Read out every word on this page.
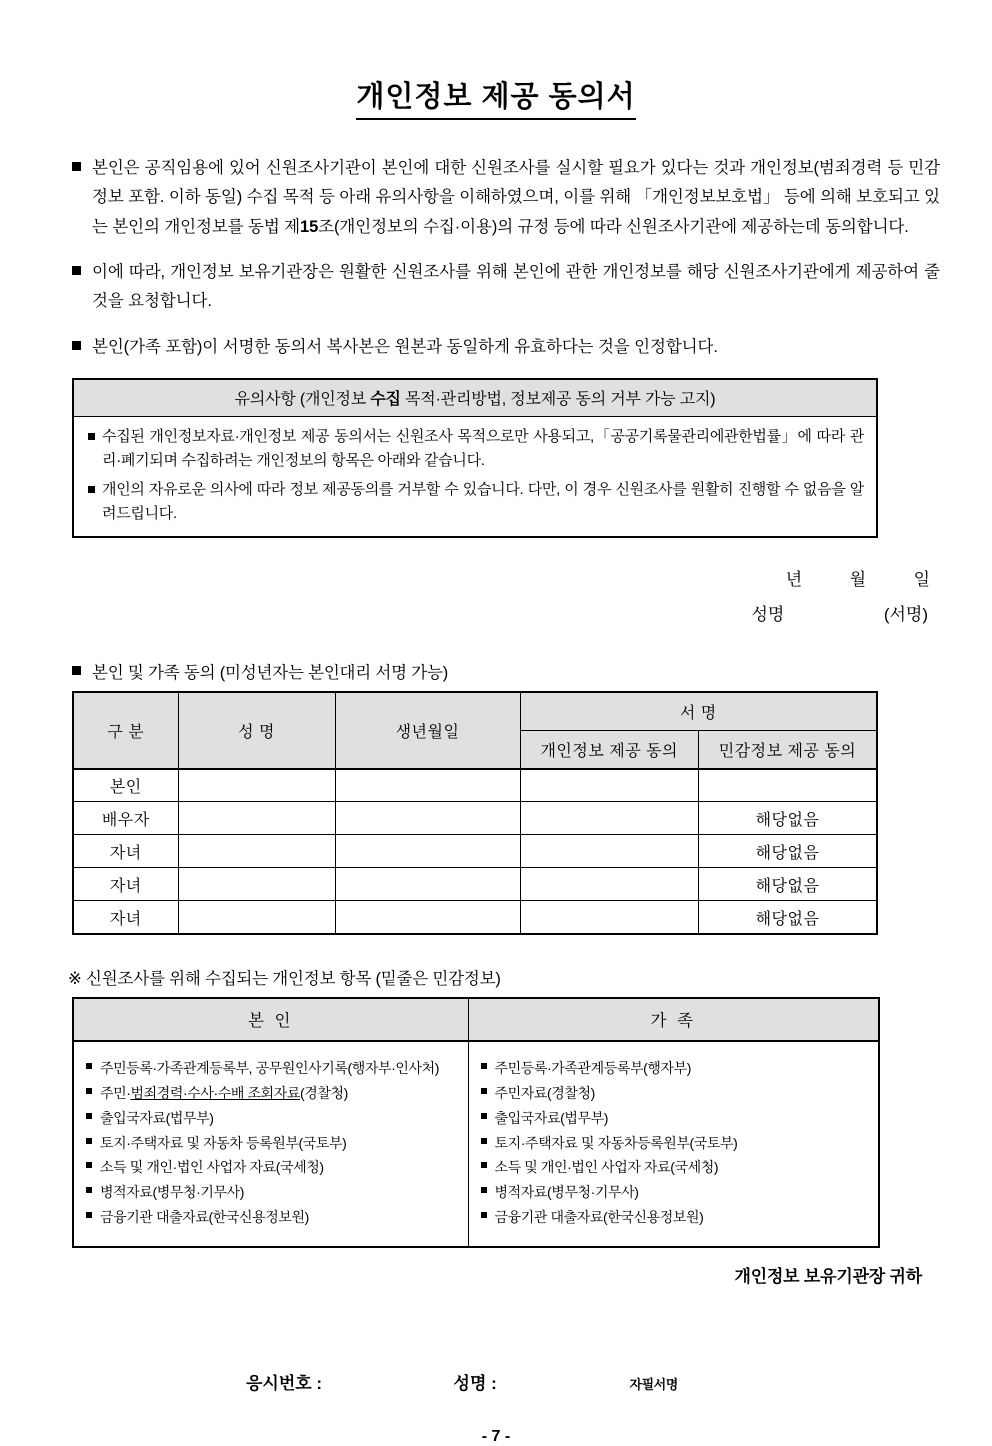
개인정보 제공 동의서
본인은 공직임용에 있어 신원조사기관이 본인에 대한 신원조사를 실시할 필요가 있다는 것과 개인정보(범죄경력 등 민감정보 포함. 이하 동일) 수집 목적 등 아래 유의사항을 이해하였으며, 이를 위해 「개인정보보호법」 등에 의해 보호되고 있는 본인의 개인정보를 동법 제15조(개인정보의 수집·이용)의 규정 등에 따라 신원조사기관에 제공하는데 동의합니다.
이에 따라, 개인정보 보유기관장은 원활한 신원조사를 위해 본인에 관한 개인정보를 해당 신원조사기관에게 제공하여 줄 것을 요청합니다.
본인(가족 포함)이 서명한 동의서 복사본은 원본과 동일하게 유효하다는 것을 인정합니다.
유의사항 (개인정보 수집 목적·관리방법, 정보제공 동의 거부 가능 고지)
수집된 개인정보자료·개인정보 제공 동의서는 신원조사 목적으로만 사용되고,「공공기록물관리에관한법률」에 따라 관리·폐기되며 수집하려는 개인정보의 항목은 아래와 같습니다.
개인의 자유로운 의사에 따라 정보 제공동의를 거부할 수 있습니다. 다만, 이 경우 신원조사를 원활히 진행할 수 없음을 알려드립니다.
년	월	일
성명	(서명)
본인 및 가족 동의 (미성년자는 본인대리 서명 가능)
구 분	성 명	생년월일	서 명	
			개인정보 제공 동의	민감정보 제공 동의
본인				
배우자				해당없음
자녀				해당없음
자녀				해당없음
자녀				해당없음
※ 신원조사를 위해 수집되는 개인정보 항목 (밑줄은 민감정보)
본 인	가 족

주민등록·가족관계등록부, 공무원인사기록(행자부·인사처)
주민·범죄경력·수사·수배 조회자료(경찰청)
출입국자료(법무부)
토지·주택자료 및 자동차 등록원부(국토부)
소득 및 개인·법인 사업자 자료(국세청)
병적자료(병무청·기무사)
금융기관 대출자료(한국신용정보원)

주민등록·가족관계등록부(행자부)
주민자료(경찰청)
출입국자료(법무부)
토지·주택자료 및 자동차등록원부(국토부)
소득 및 개인·법인 사업자 자료(국세청)
병적자료(병무청·기무사)
금융기관 대출자료(한국신용정보원)
개인정보 보유기관장 귀하
응시번호 :	성명 :	자필서명
- 7 -
